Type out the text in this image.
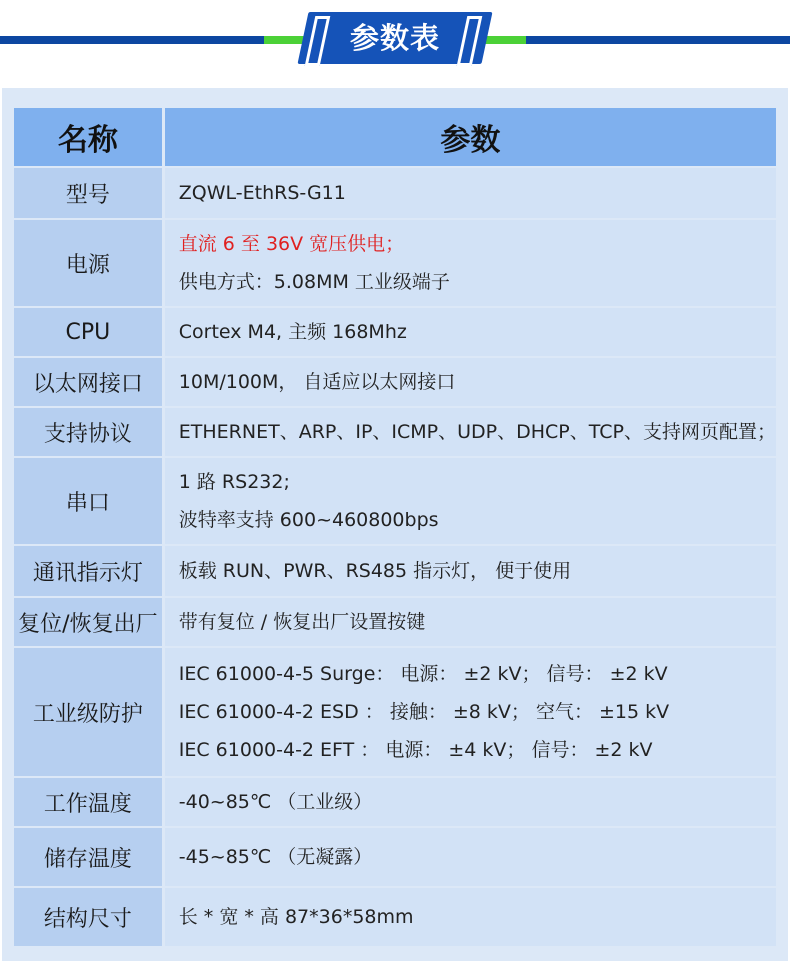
参数表
名称	参数
型号	ZQWL-EthRS-G11

电源	直流 6 至 36V 宽压供电；
供电方式：5.08MM 工业级端子

CPU	Cortex M4, 主频 168Mhz

以太网接口	10M/100M， 自适应以太网接口

支持协议	ETHERNET、ARP、IP、ICMP、UDP、DHCP、TCP、支持网页配置；

串口	1 路 RS232;
波特率支持 600~460800bps

通讯指示灯	板载 RUN、PWR、RS485 指示灯， 便于使用

复位/恢复出厂	带有复位 / 恢复出厂设置按键

工业级防护	IEC 61000-4-5 Surge： 电源： ±2 kV； 信号： ±2 kV
IEC 61000-4-2 ESD ： 接触： ±8 kV； 空气： ±15 kV
IEC 61000-4-2 EFT ： 电源： ±4 kV； 信号： ±2 kV

工作温度	-40~85℃ （工业级）

储存温度	-45~85℃ （无凝露）

结构尺寸	长 * 宽 * 高 87*36*58mm
